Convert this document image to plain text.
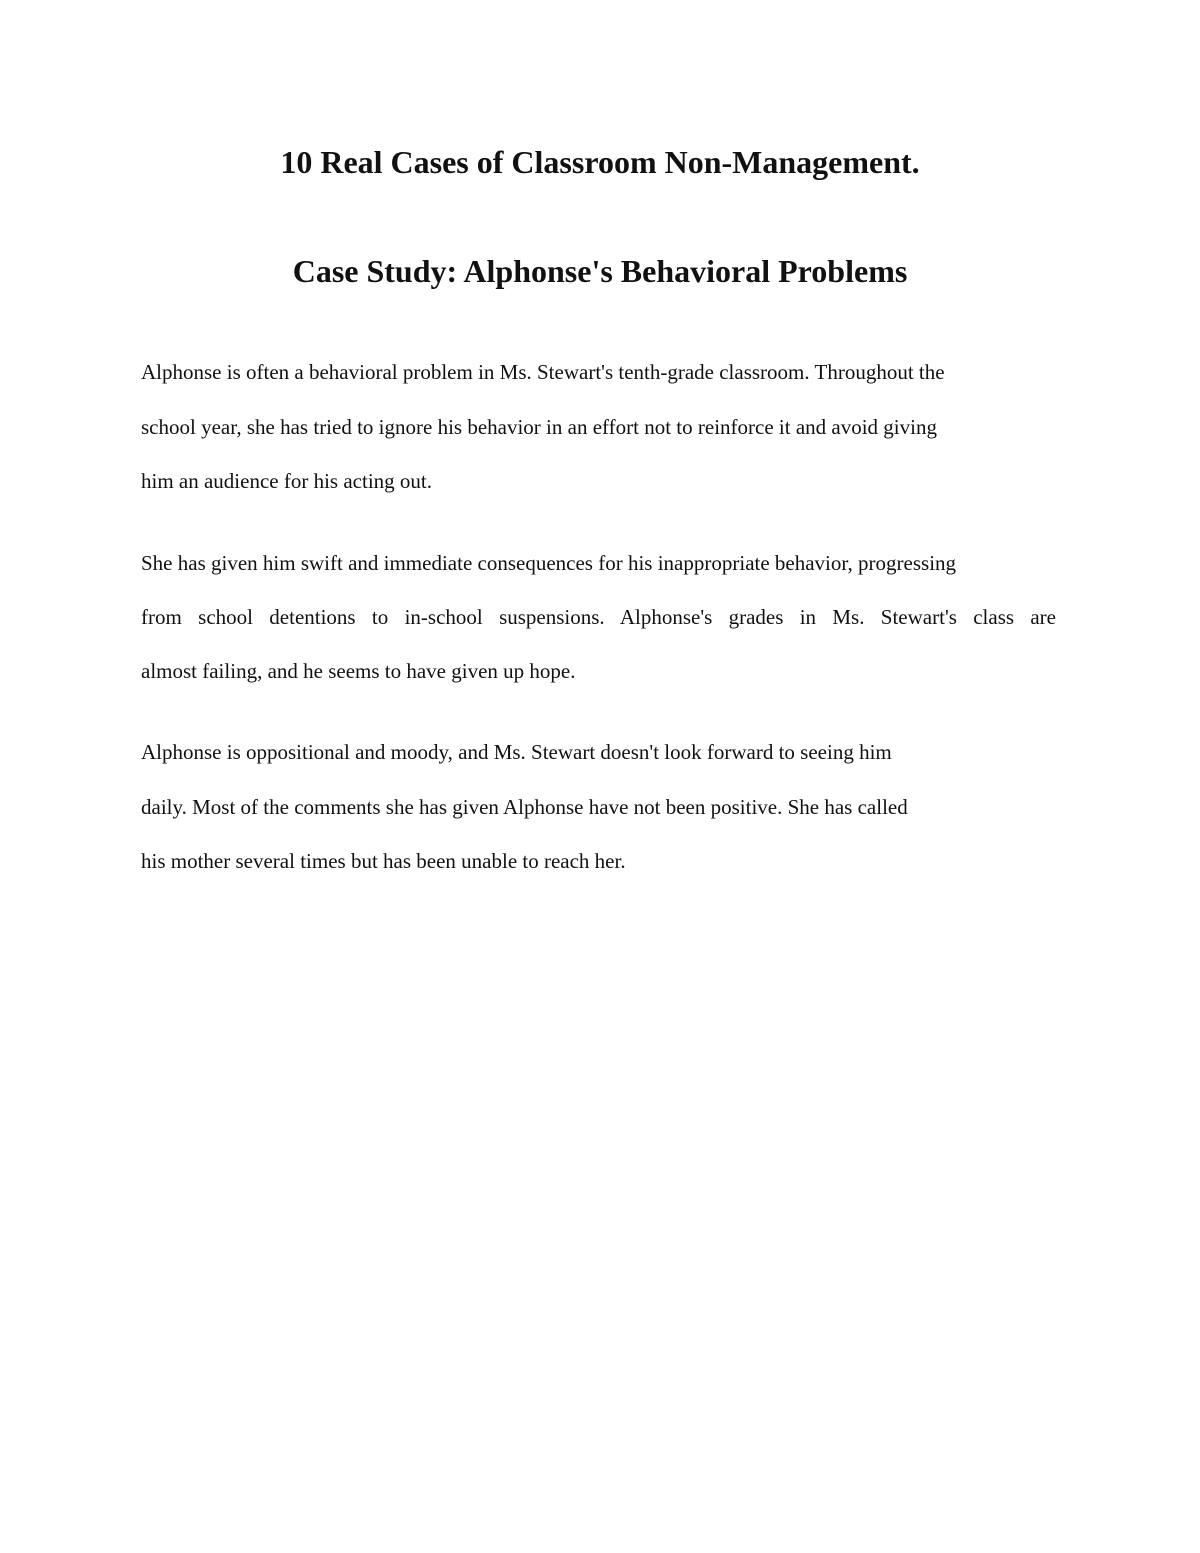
10 Real Cases of Classroom Non-Management.
Case Study: Alphonse's Behavioral Problems

Alphonse is often a behavioral problem in Ms. Stewart's tenth-grade classroom. Throughout the

school year, she has tried to ignore his behavior in an effort not to reinforce it and avoid giving

him an audience for his acting out.

She has given him swift and immediate consequences for his inappropriate behavior, progressing

from school detentions to in-school suspensions. Alphonse's grades in Ms. Stewart's class are

almost failing, and he seems to have given up hope.

Alphonse is oppositional and moody, and Ms. Stewart doesn't look forward to seeing him

daily. Most of the comments she has given Alphonse have not been positive. She has called

his mother several times but has been unable to reach her.
